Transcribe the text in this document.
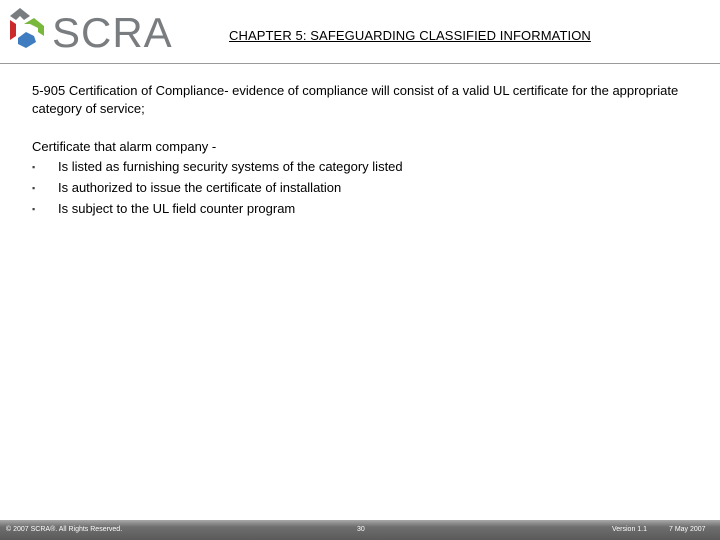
SCRA	CHAPTER 5: SAFEGUARDING CLASSIFIED INFORMATION
5-905 Certification of Compliance- evidence of compliance will consist of a valid UL certificate for the appropriate category of service;
Certificate that alarm company -
▪	Is listed as furnishing security systems of the category listed
▪	Is authorized to issue the certificate of installation
▪	Is subject to the UL field counter program
© 2007 SCRA®. All Rights Reserved.	30	Version 1.1	7 May 2007
